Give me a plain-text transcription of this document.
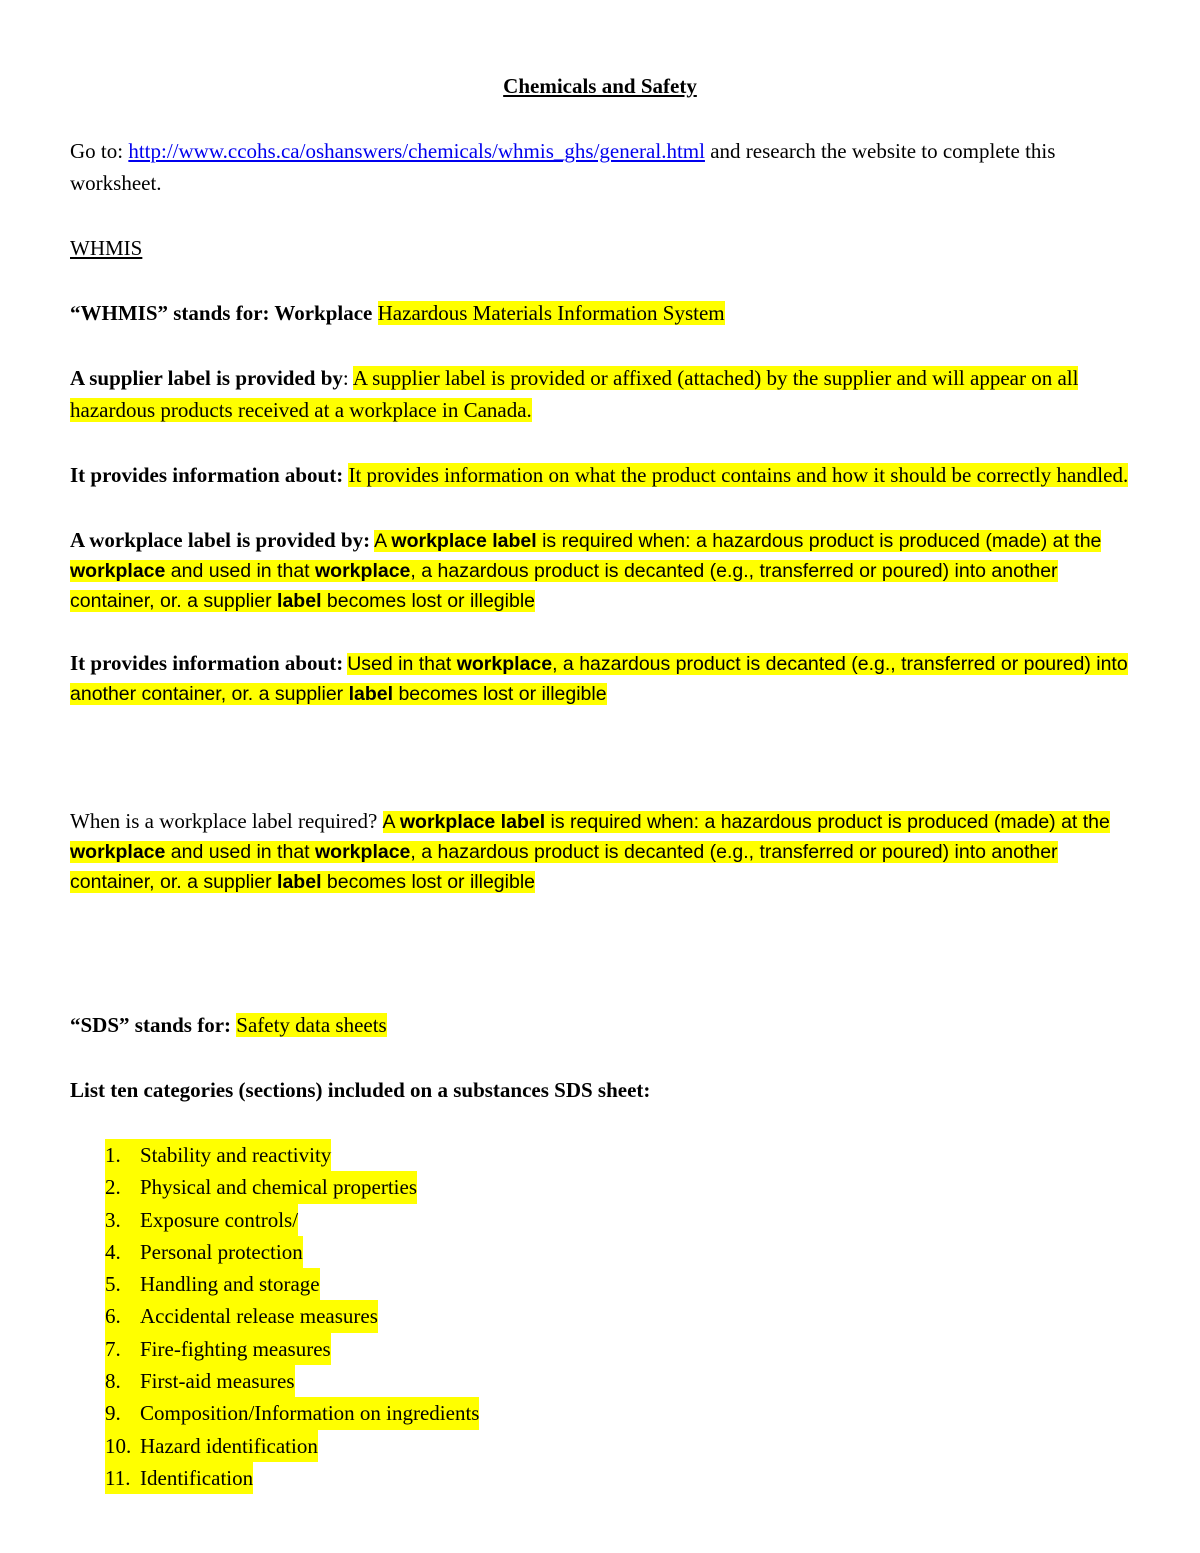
Chemicals and Safety

Go to: http://www.ccohs.ca/oshanswers/chemicals/whmis_ghs/general.html and research the website to complete this worksheet.

WHMIS

“WHMIS” stands for: Workplace Hazardous Materials Information System

A supplier label is provided by: A supplier label is provided or affixed (attached) by the supplier and will appear on all hazardous products received at a workplace in Canada.

It provides information about: It provides information on what the product contains and how it should be correctly handled.

A workplace label is provided by: A workplace label is required when: a hazardous product is produced (made) at the workplace and used in that workplace, a hazardous product is decanted (e.g., transferred or poured) into another container, or. a supplier label becomes lost or illegible

It provides information about: Used in that workplace, a hazardous product is decanted (e.g., transferred or poured) into another container, or. a supplier label becomes lost or illegible

When is a workplace label required? A workplace label is required when: a hazardous product is produced (made) at the workplace and used in that workplace, a hazardous product is decanted (e.g., transferred or poured) into another container, or. a supplier label becomes lost or illegible

“SDS” stands for: Safety data sheets

List ten categories (sections) included on a substances SDS sheet:

1. Stability and reactivity
2. Physical and chemical properties
3. Exposure controls/
4. Personal protection
5. Handling and storage
6. Accidental release measures
7. Fire-fighting measures
8. First-aid measures
9. Composition/Information on ingredients
10. Hazard identification
11. Identification
